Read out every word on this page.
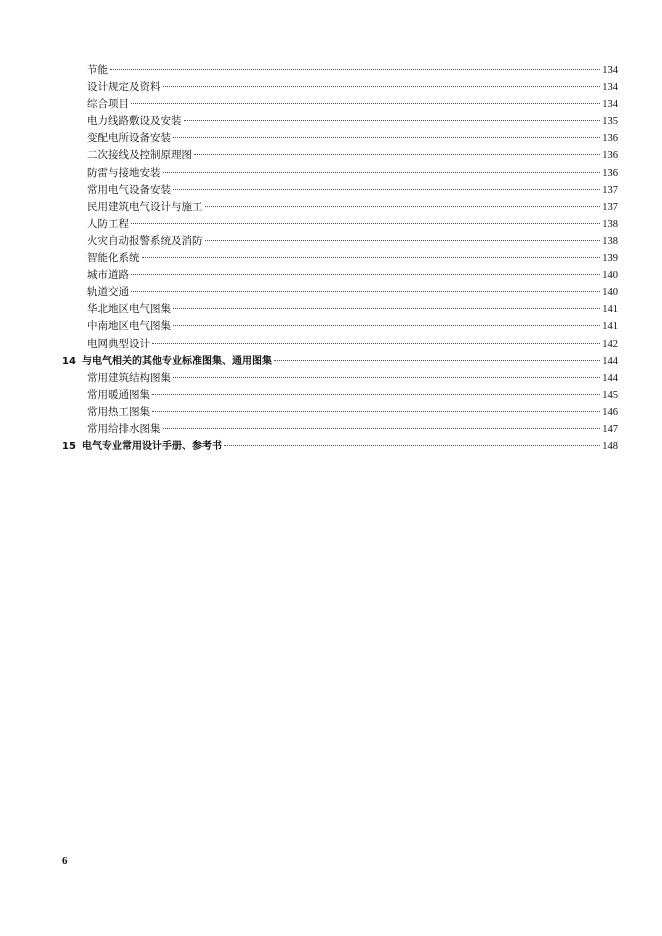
节能	134
设计规定及资料	134
综合项目	134
电力线路敷设及安装	135
变配电所设备安装	136
二次接线及控制原理图	136
防雷与接地安装	136
常用电气设备安装	137
民用建筑电气设计与施工	137
人防工程	138
火灾自动报警系统及消防	138
智能化系统	139
城市道路	140
轨道交通	140
华北地区电气图集	141
中南地区电气图集	141
电网典型设计	142
14 与电气相关的其他专业标准图集、通用图集	144
常用建筑结构图集	144
常用暖通图集	145
常用热工图集	146
常用给排水图集	147
15 电气专业常用设计手册、参考书	148
6
